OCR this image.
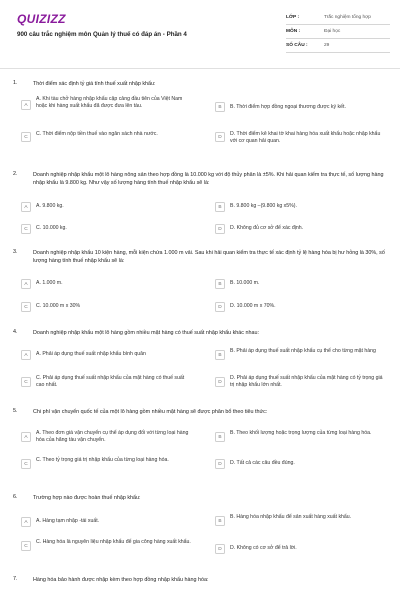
QUIZIZZ
900 câu trắc nghiệm môn Quản lý thuế có đáp án - Phần 4
LỚP :	Trắc nghiệm tổng hợp
MÔN :	Đại học
SỐ CÂU :	29
1.	Thời điểm xác định tỷ giá tính thuế xuất nhập khẩu:
A
A. Khi tàu chở hàng nhập khẩu cập cảng đầu tiên của Việt Nam hoặc khi hàng xuất khẩu đã được đưa lên tàu.	B	B. Thời điểm hợp đồng ngoại thương được ký kết.
C	C. Thời điểm nộp tiền thuế vào ngân sách nhà nước.	D	D. Thời điểm kê khai tờ khai hàng hóa xuất khẩu hoặc nhập khẩu với cơ quan hải quan.
2.	Doanh nghiệp nhập khẩu một lô hàng nông sản theo hợp đồng là 10.000 kg với độ thủy phân là ±5%. Khi hải quan kiểm tra thực tế, số lượng hàng nhập khẩu là 9.800 kg. Như vậy số lượng hàng tính thuế nhập khẩu sẽ là:
A	A. 9.800 kg.	B	B. 9.800 kg –(9.800 kg x5%).
C	C. 10.000 kg.	D	D. Không đủ cơ sở để xác định.
3.	Doanh nghiệp nhập khẩu 10 kiện hàng, mỗi kiện chứa 1.000 m vải. Sau khi hải quan kiểm tra thực tế xác định tỷ lệ hàng hóa bị hư hỏng là 30%, số lượng hàng tính thuế nhập khẩu sẽ là:
A	A. 1.000 m.	B	B. 10.000 m.
C	C. 10.000 m x 30%	D	D. 10.000 m x 70%.
4.	Doanh nghiệp nhập khẩu một lô hàng gồm nhiều mặt hàng có thuế suất nhập khẩu khác nhau:
A	A. Phải áp dụng thuế suất nhập khẩu bình quân	B
B. Phải áp dụng thuế suất nhập khẩu cụ thể cho từng mặt hàng
C
C. Phải áp dụng thuế suất nhập khẩu của mặt hàng có thuế suất cao nhất.
D
D. Phải áp dụng thuế suất nhập khẩu của mặt hàng có tỷ trọng giá trị nhập khẩu lớn nhất.
5.	Chi phí vận chuyển quốc tế của một lô hàng gồm nhiều mặt hàng sẽ được phân bổ theo tiêu thức:
A
A. Theo đơn giá vận chuyển cụ thể áp dụng đối với từng loại hàng hóa của hãng tàu vận chuyển.
B
B. Theo khối lượng hoặc trọng lượng của từng loại hàng hóa.
C
C. Theo tỷ trọng giá trị nhập khẩu của từng loại hàng hóa.
D	D. Tất cả các câu đều đúng.
6.	Trường hợp nào được hoàn thuế nhập khẩu:
A	A. Hàng tạm nhập -tái xuất.	B
B. Hàng hóa nhập khẩu để sản xuất hàng xuất khẩu.
C
C. Hàng hóa là nguyên liệu nhập khẩu để gia công hàng xuất khẩu.
D	D. Không có cơ sở để trả lời.
7.	Hàng hóa bảo hành được nhập kèm theo hợp đồng nhập khẩu hàng hóa:
